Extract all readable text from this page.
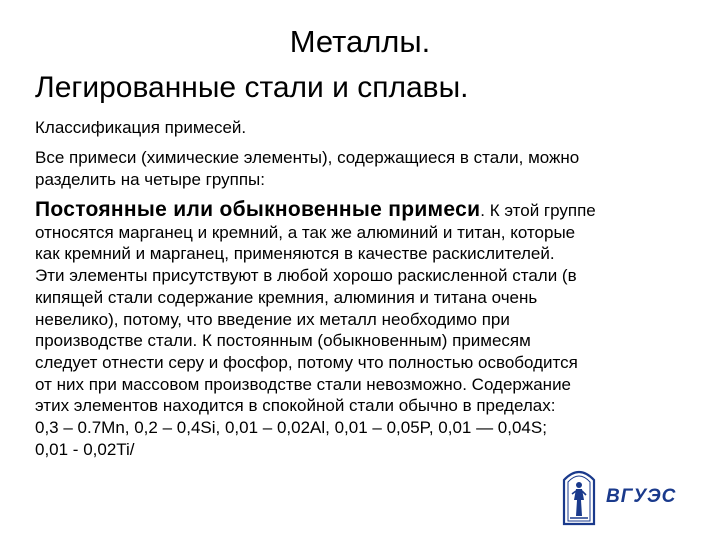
Металлы.
Легированные стали и сплавы.
Классификация примесей.
Все примеси (химические элементы), содержащиеся в стали, можно
разделить на четыре группы:
Постоянные или обыкновенные примеси. К этой группе
относятся марганец и кремний, а так же алюминий и титан, которые
как кремний и марганец, применяются в качестве раскислителей.
Эти элементы присутствуют в любой хорошо раскисленной стали (в
кипящей стали содержание кремния, алюминия и титана очень
невелико), потому, что введение их металл необходимо при
производстве стали. К постоянным (обыкновенным) примесям
следует отнести серу и фосфор, потому что полностью освободится
от них при массовом производстве стали невозможно. Содержание
этих элементов находится в спокойной стали обычно в пределах:
0,3 – 0.7Mn, 0,2 – 0,4Si, 0,01 – 0,02Al, 0,01 – 0,05P, 0,01 — 0,04S;
0,01 - 0,02Ti/
ВГУЭС
